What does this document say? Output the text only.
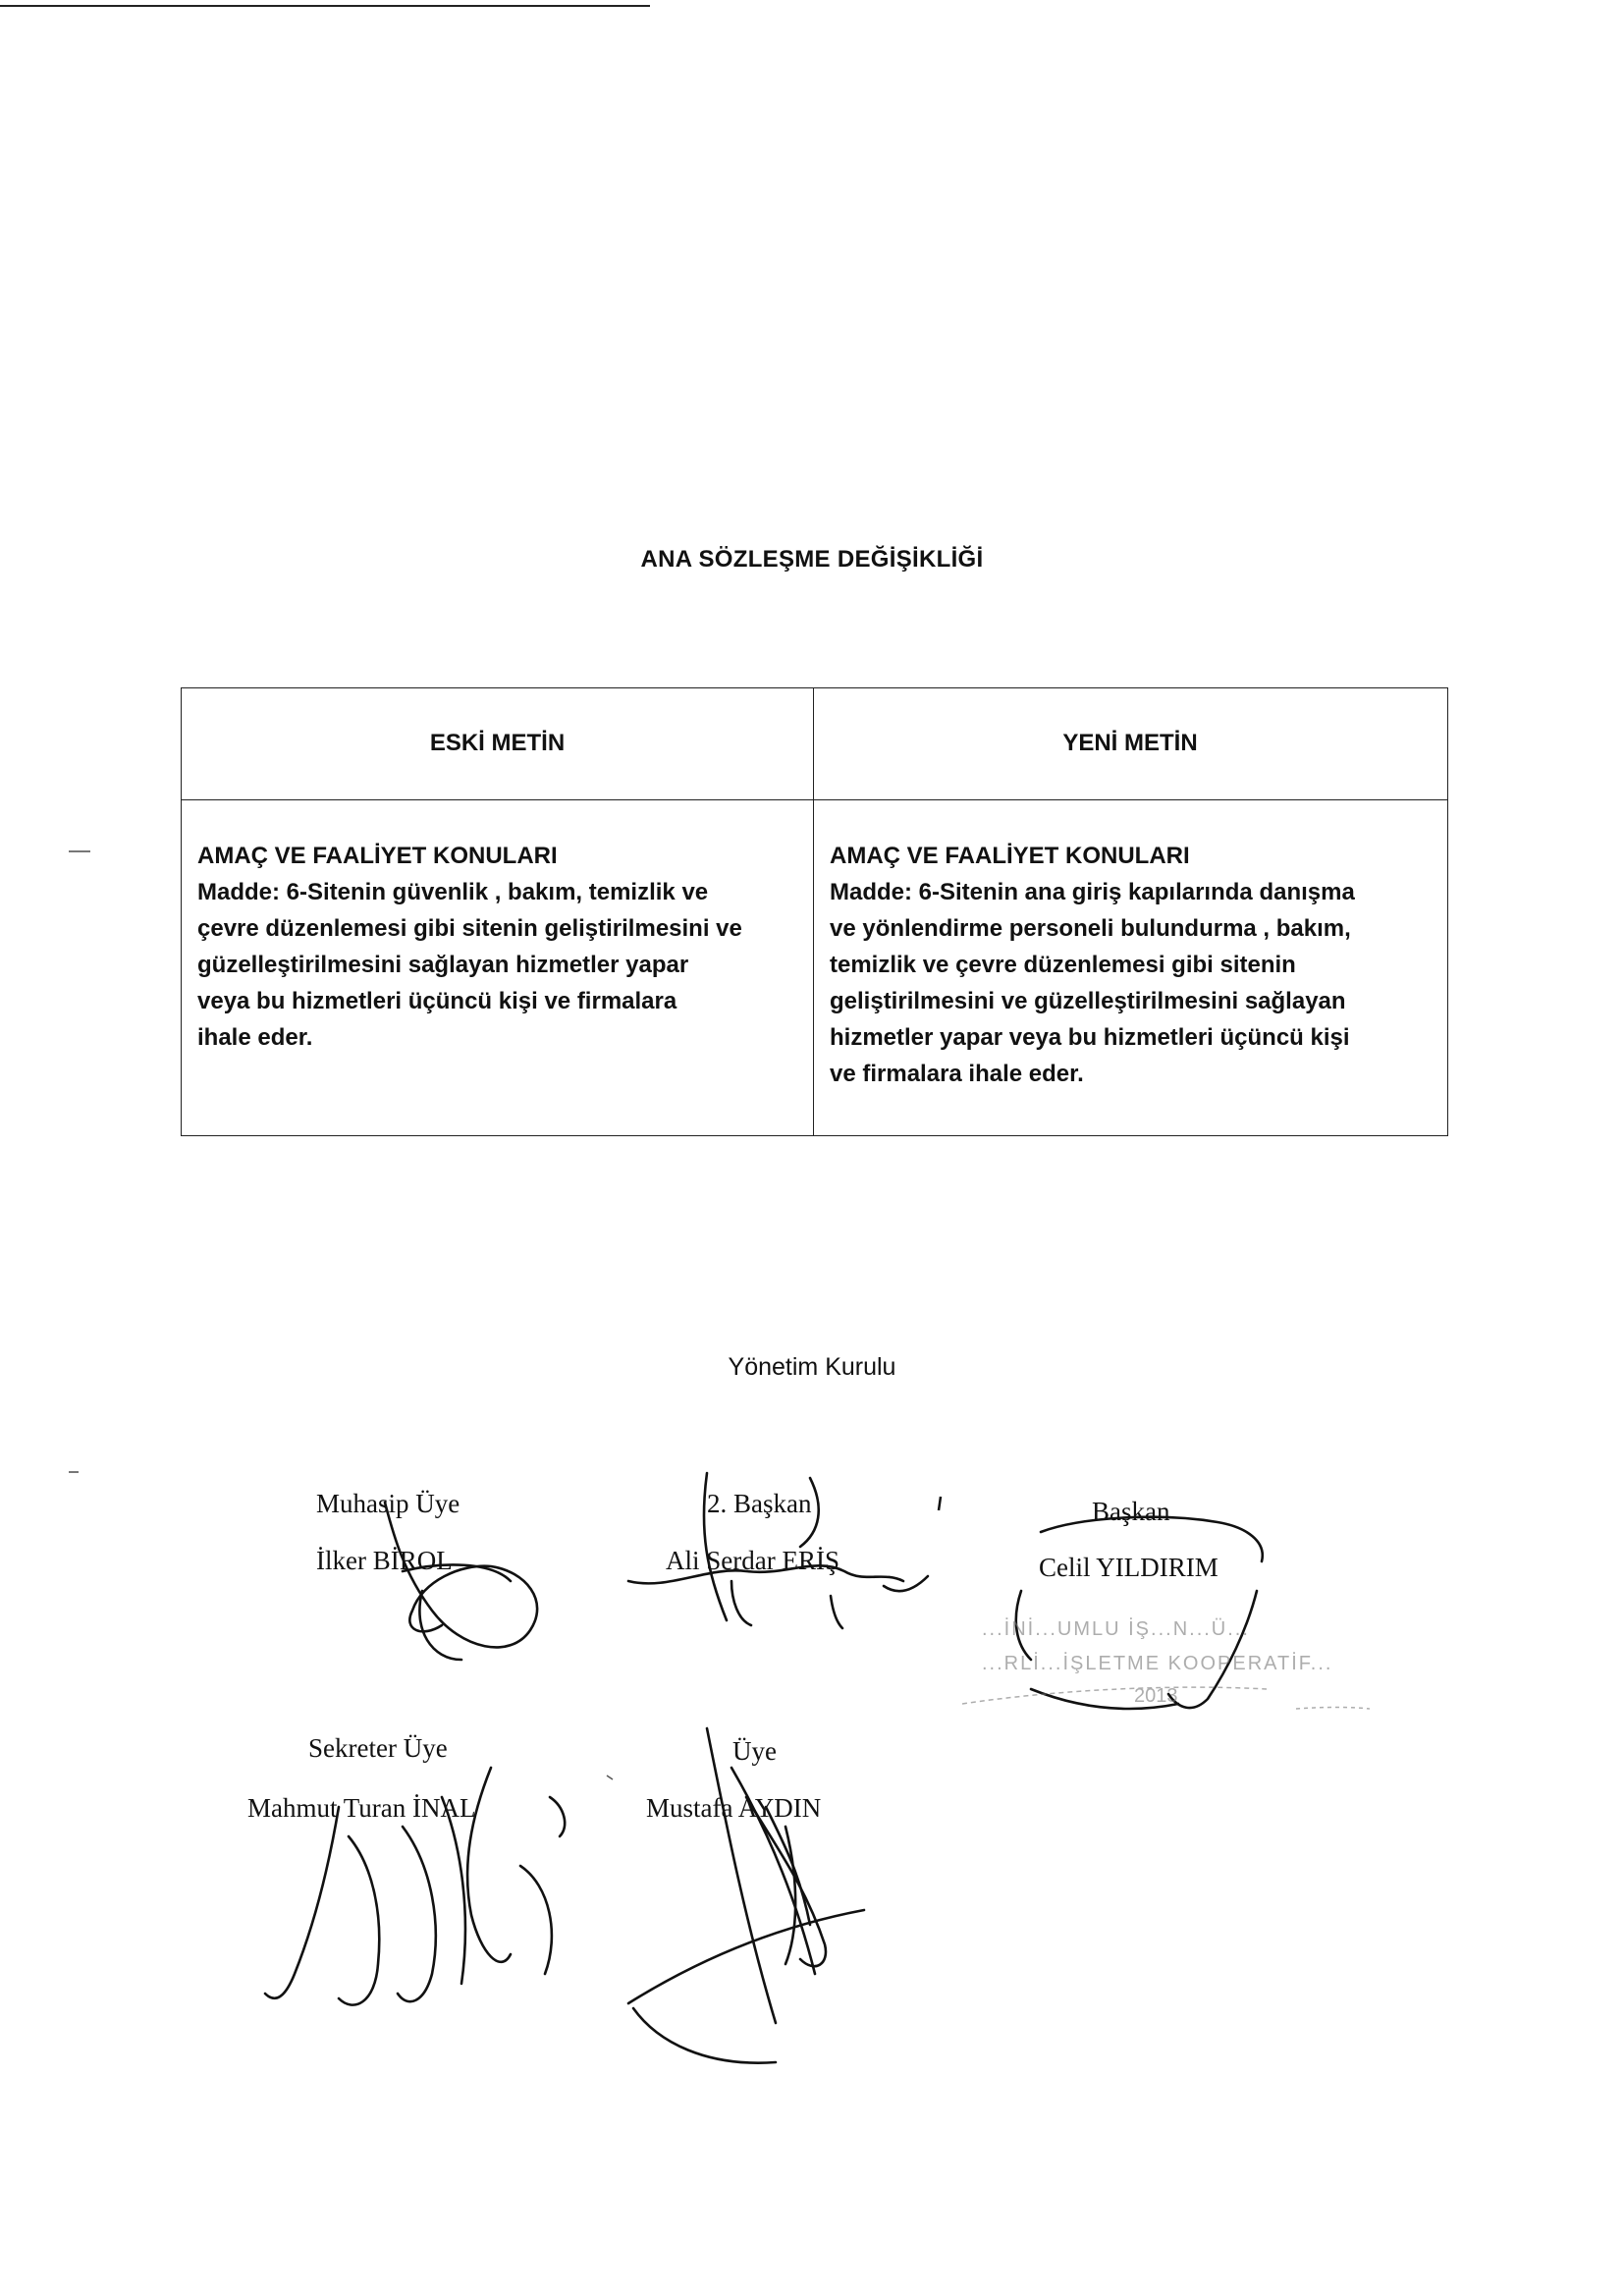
ANA SÖZLEŞME DEĞİŞİKLİĞİ
ESKİ METİN	YENİ METİN
AMAÇ VE FAALİYET KONULARI
Madde: 6-Sitenin güvenlik , bakım, temizlik ve
çevre düzenlemesi gibi sitenin geliştirilmesini ve
güzelleştirilmesini sağlayan hizmetler yapar
veya bu hizmetleri üçüncü kişi ve firmalara
ihale eder.
AMAÇ VE FAALİYET KONULARI
Madde: 6-Sitenin ana giriş kapılarında danışma
ve yönlendirme personeli bulundurma , bakım,
temizlik ve çevre düzenlemesi gibi sitenin
geliştirilmesini ve güzelleştirilmesini sağlayan
hizmetler yapar veya bu hizmetleri üçüncü kişi
ve firmalara ihale eder.
Yönetim Kurulu
Muhasip Üye
İlker BİROL
2. Başkan
Ali Serdar ERİŞ
Başkan
Celil YILDIRIM
Sekreter Üye
Mahmut Turan İNAL
Üye
Mustafa AYDIN
...İNİ...UMLU İŞ...N...Ü...
...RLİ...İŞLETME KOOPERATİF...
2013
